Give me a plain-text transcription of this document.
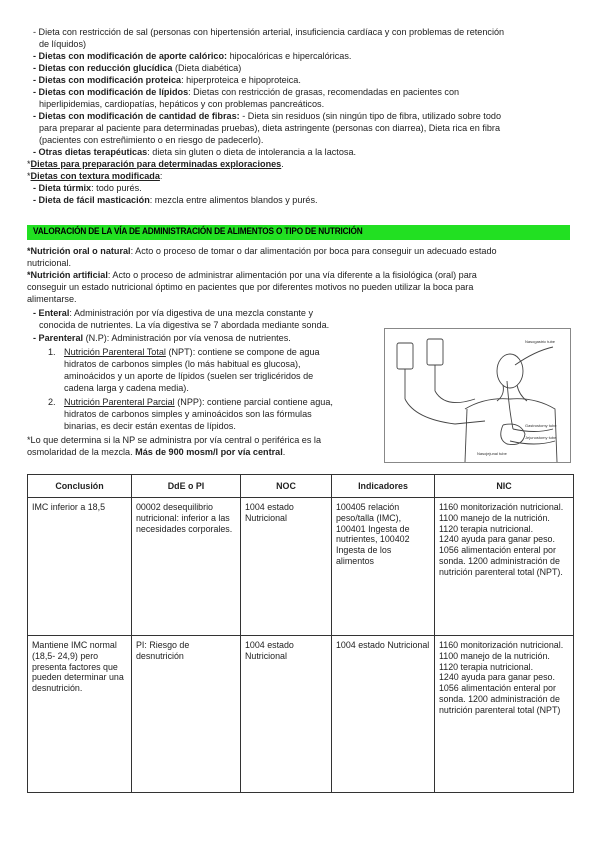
- Dieta con restricción de sal (personas con hipertensión arterial, insuficiencia cardíaca y con problemas de retención
de líquidos)
- Dietas con modificación de aporte calórico: hipocalóricas e hipercalóricas.
- Dietas con reducción glucídica (Dieta diabética)
- Dietas con modificación proteica: hiperproteica e hipoproteica.
- Dietas con modificación de lípidos: Dietas con restricción de grasas, recomendadas en pacientes con
hiperlipidemias, cardiopatías, hepáticos y con problemas pancreáticos.
- Dietas con modificación de cantidad de fibras: - Dieta sin residuos (sin ningún tipo de fibra, utilizado sobre todo
para preparar al paciente para determinadas pruebas), dieta astringente (personas con diarrea), Dieta rica en fibra
(pacientes con estreñimiento o en riesgo de padecerlo).
- Otras dietas terapéuticas: dieta sin gluten o dieta de intolerancia a la lactosa.
*Dietas para preparación para determinadas exploraciones.
*Dietas con textura modificada:
- Dieta túrmix: todo purés.
- Dieta de fácil masticación: mezcla entre alimentos blandos y purés.
VALORACIÓN DE LA VÍA DE ADMINISTRACIÓN DE ALIMENTOS O TIPO DE NUTRICIÓN
*Nutrición oral o natural: Acto o proceso de tomar o dar alimentación por boca para conseguir un adecuado estado
nutricional.
*Nutrición artificial: Acto o proceso de administrar alimentación por una vía diferente a la fisiológica (oral) para
conseguir un estado nutricional óptimo en pacientes que por diferentes motivos no pueden utilizar la boca para
alimentarse.
- Enteral: Administración por vía digestiva de una mezcla constante y
conocida de nutrientes. La vía digestiva se 7 abordada mediante sonda.
- Parenteral (N.P): Administración por vía venosa de nutrientes.
1. Nutrición Parenteral Total (NPT): contiene se compone de agua
hidratos de carbonos simples (lo más habitual es glucosa),
aminoácidos y un aporte de lípidos (suelen ser triglicéridos de
cadena larga y cadena media).
2. Nutrición Parenteral Parcial (NPP): contiene parcial contiene agua,
hidratos de carbonos simples y aminoácidos son las fórmulas
binarias, es decir están exentas de lípidos.
*Lo que determina si la NP se administra por vía central o periférica es la
osmolaridad de la mezcla. Más de 900 mosm/l por vía central.
Nasogastric tube
Gastrostomy tube
Jejunostomy tube
Nasojejunal tube
Conclusión	DdE o PI	NOC	Indicadores	NIC
IMC inferior a 18,5	00002 desequilibrio nutricional: inferior a las necesidades corporales.	1004 estado Nutricional	100405 relación peso/talla (IMC), 100401 Ingesta de nutrientes, 100402 Ingesta de los alimentos	1160 monitorización nutricional.
1100 manejo de la nutrición.
1120 terapia nutricional.
1240 ayuda para ganar peso.
1056 alimentación enteral por sonda. 1200 administración de nutrición parenteral total (NPT).
Mantiene IMC normal (18,5- 24,9) pero presenta factores que pueden determinar una desnutrición.	PI: Riesgo de desnutrición	1004 estado Nutricional	1004 estado Nutricional	1160 monitorización nutricional.
1100 manejo de la nutrición.
1120 terapia nutricional.
1240 ayuda para ganar peso.
1056 alimentación enteral por sonda. 1200 administración de nutrición parenteral total (NPT)
